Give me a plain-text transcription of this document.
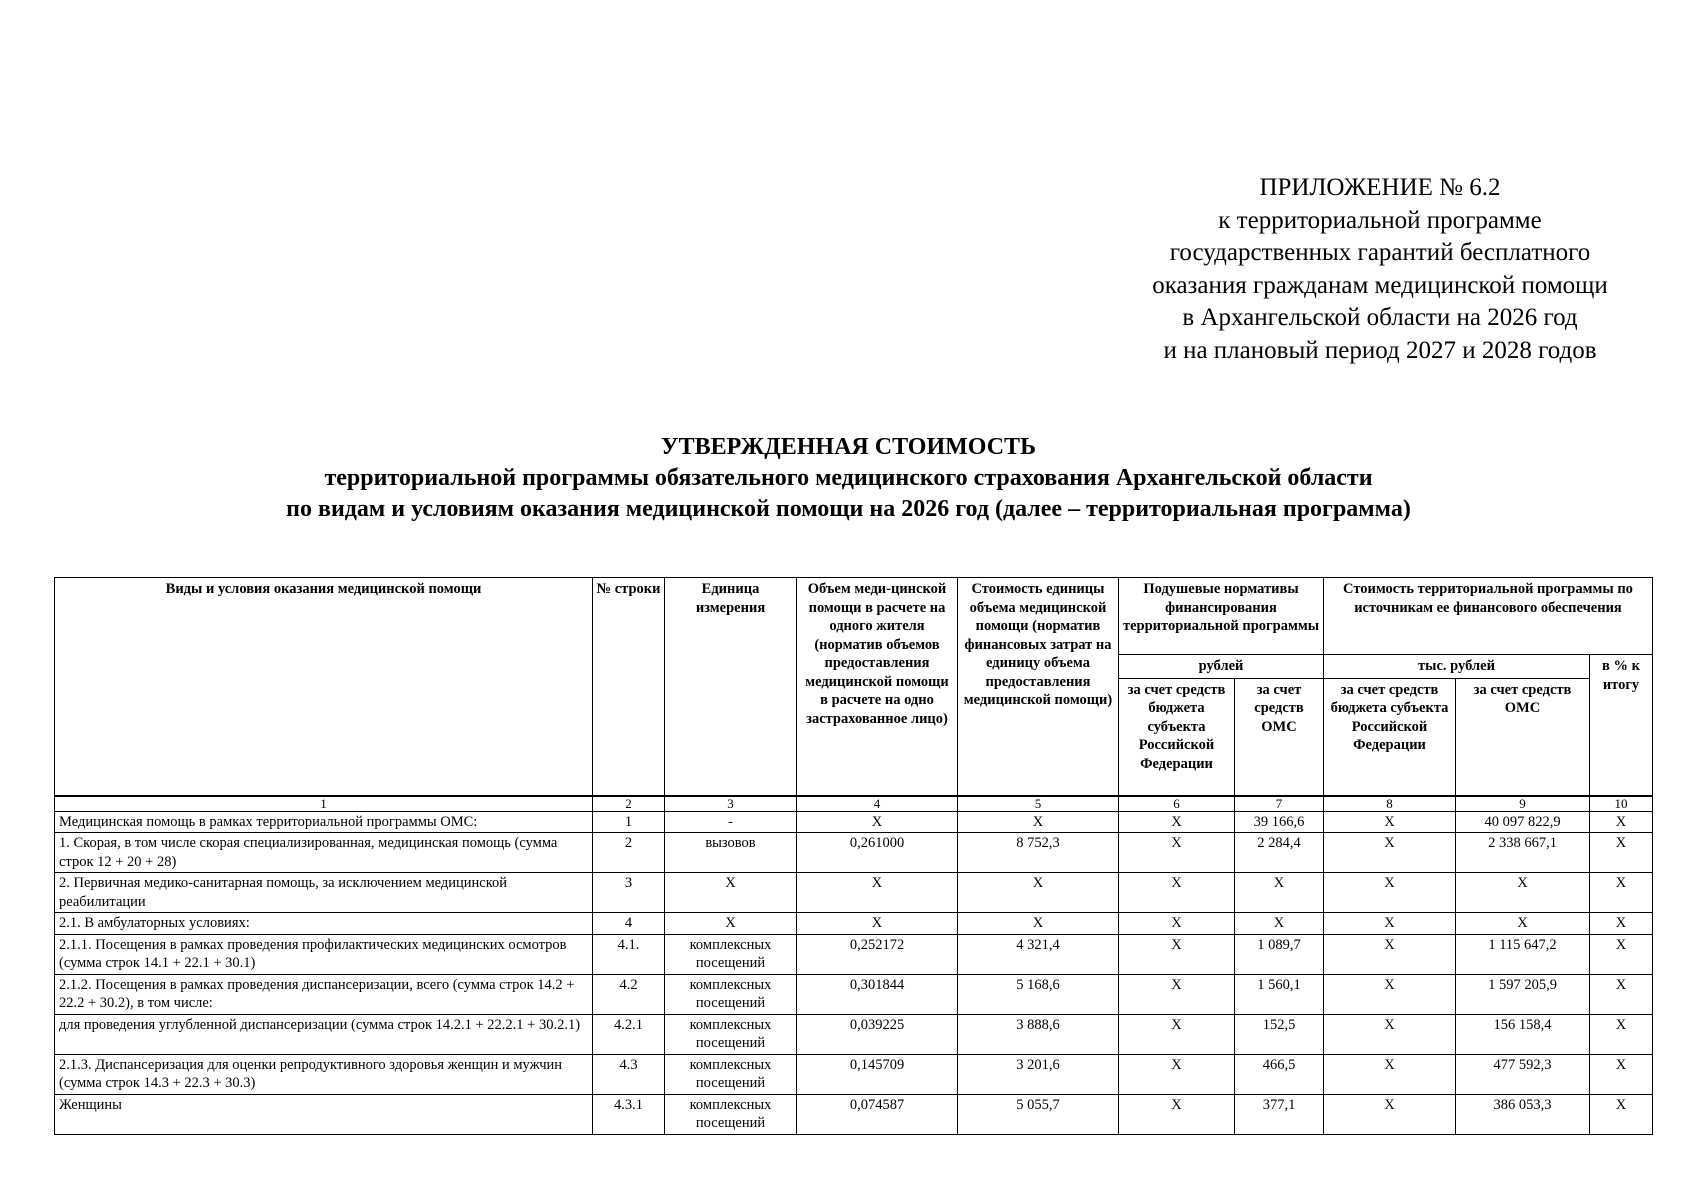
ПРИЛОЖЕНИЕ № 6.2
к территориальной программе
государственных гарантий бесплатного
оказания гражданам медицинской помощи
в Архангельской области на 2026 год
и на плановый период 2027 и 2028 годов
УТВЕРЖДЕННАЯ СТОИМОСТЬ
территориальной программы обязательного медицинского страхования Архангельской области
по видам и условиям оказания медицинской помощи на 2026 год (далее – территориальная программа)
Виды и условия оказания медицинской помощи	№ строки	Единица измерения	Объем меди-цинской помощи в расчете на одного жителя (норматив объемов предоставления медицинской помощи в расчете на одно застрахованное лицо)	Стоимость единицы объема медицинской помощи (норматив финансовых затрат на единицу объема предоставления медицинской помощи)	Подушевые нормативы финансирования территориальной программы		Стоимость территориальной программы по источникам ее финансового обеспечения		
					рублей		тыс. рублей		в % к итогу
					за счет средств бюджета субъекта Российской Федерации	за счет средств ОМС	за счет средств бюджета субъекта Российской Федерации	за счет средств ОМС	
1	2	3	4	5	6	7	8	9	10
Медицинская помощь в рамках территориальной программы ОМС:	1	-	X	X	X	39 166,6	X	40 097 822,9	X
1. Скорая, в том числе скорая специализированная, медицинская помощь (сумма строк 12 + 20 + 28)	2	вызовов	0,261000	8 752,3	X	2 284,4	X	2 338 667,1	X
2. Первичная медико-санитарная помощь, за исключением медицинской реабилитации	3	X	X	X	X	X	X	X	X
2.1. В амбулаторных условиях:	4	X	X	X	X	X	X	X	X
2.1.1. Посещения в рамках проведения профилактических медицинских осмотров (сумма строк 14.1 + 22.1 + 30.1)	4.1.	комплексных посещений	0,252172	4 321,4	X	1 089,7	X	1 115 647,2	X
2.1.2. Посещения в рамках проведения диспансеризации, всего (сумма строк 14.2 + 22.2 + 30.2), в том числе:	4.2	комплексных посещений	0,301844	5 168,6	X	1 560,1	X	1 597 205,9	X
для проведения углубленной диспансеризации (сумма строк 14.2.1 + 22.2.1 + 30.2.1)	4.2.1	комплексных посещений	0,039225	3 888,6	X	152,5	X	156 158,4	X
2.1.3. Диспансеризация для оценки репродуктивного здоровья женщин и мужчин (сумма строк 14.3 + 22.3 + 30.3)	4.3	комплексных посещений	0,145709	3 201,6	X	466,5	X	477 592,3	X
Женщины	4.3.1	комплексных посещений	0,074587	5 055,7	X	377,1	X	386 053,3	X
